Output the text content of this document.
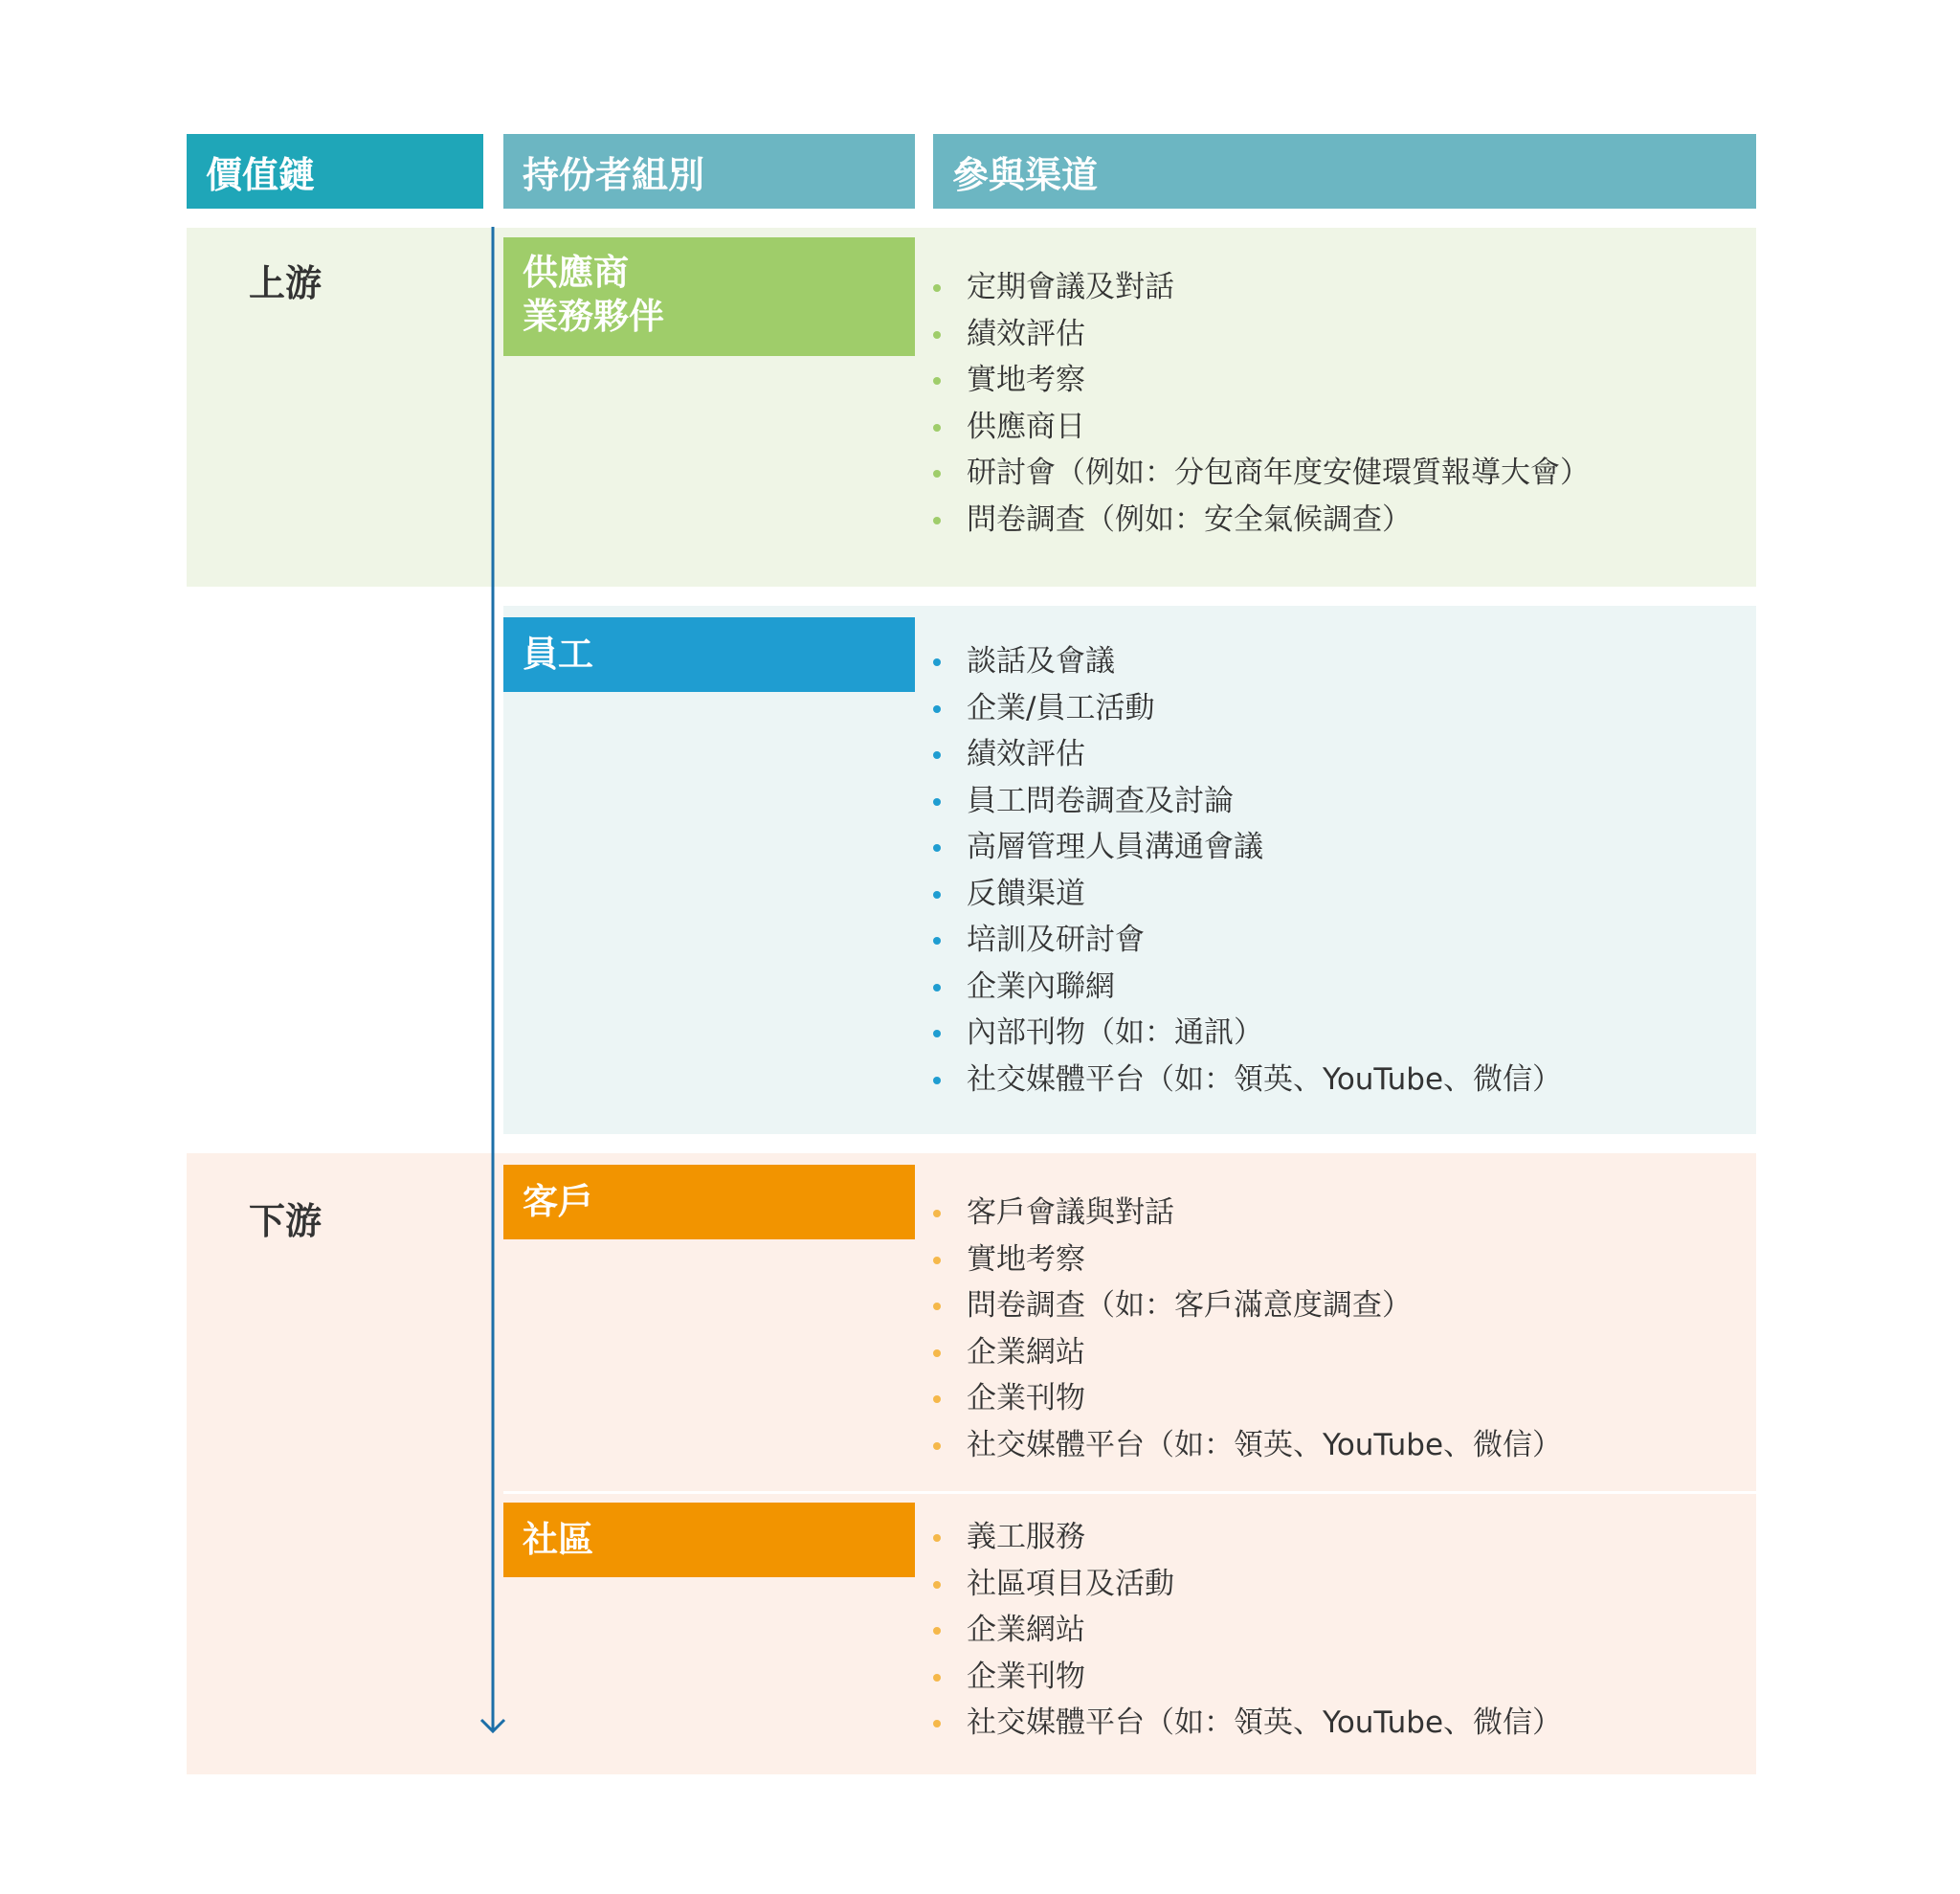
價值鏈	持份者組別	參與渠道
上游
下游
供應商
業務夥伴
員工
客戶
社區
定期會議及對話
績效評估
實地考察
供應商日
研討會（例如：分包商年度安健環質報導大會）
問卷調查（例如：安全氣候調查）
談話及會議
企業/員工活動
績效評估
員工問卷調查及討論
高層管理人員溝通會議
反饋渠道
培訓及研討會
企業內聯網
內部刊物（如：通訊）
社交媒體平台（如：領英、YouTube、微信）
客戶會議與對話
實地考察
問卷調查（如：客戶滿意度調查）
企業網站
企業刊物
社交媒體平台（如：領英、YouTube、微信）
義工服務
社區項目及活動
企業網站
企業刊物
社交媒體平台（如：領英、YouTube、微信）
